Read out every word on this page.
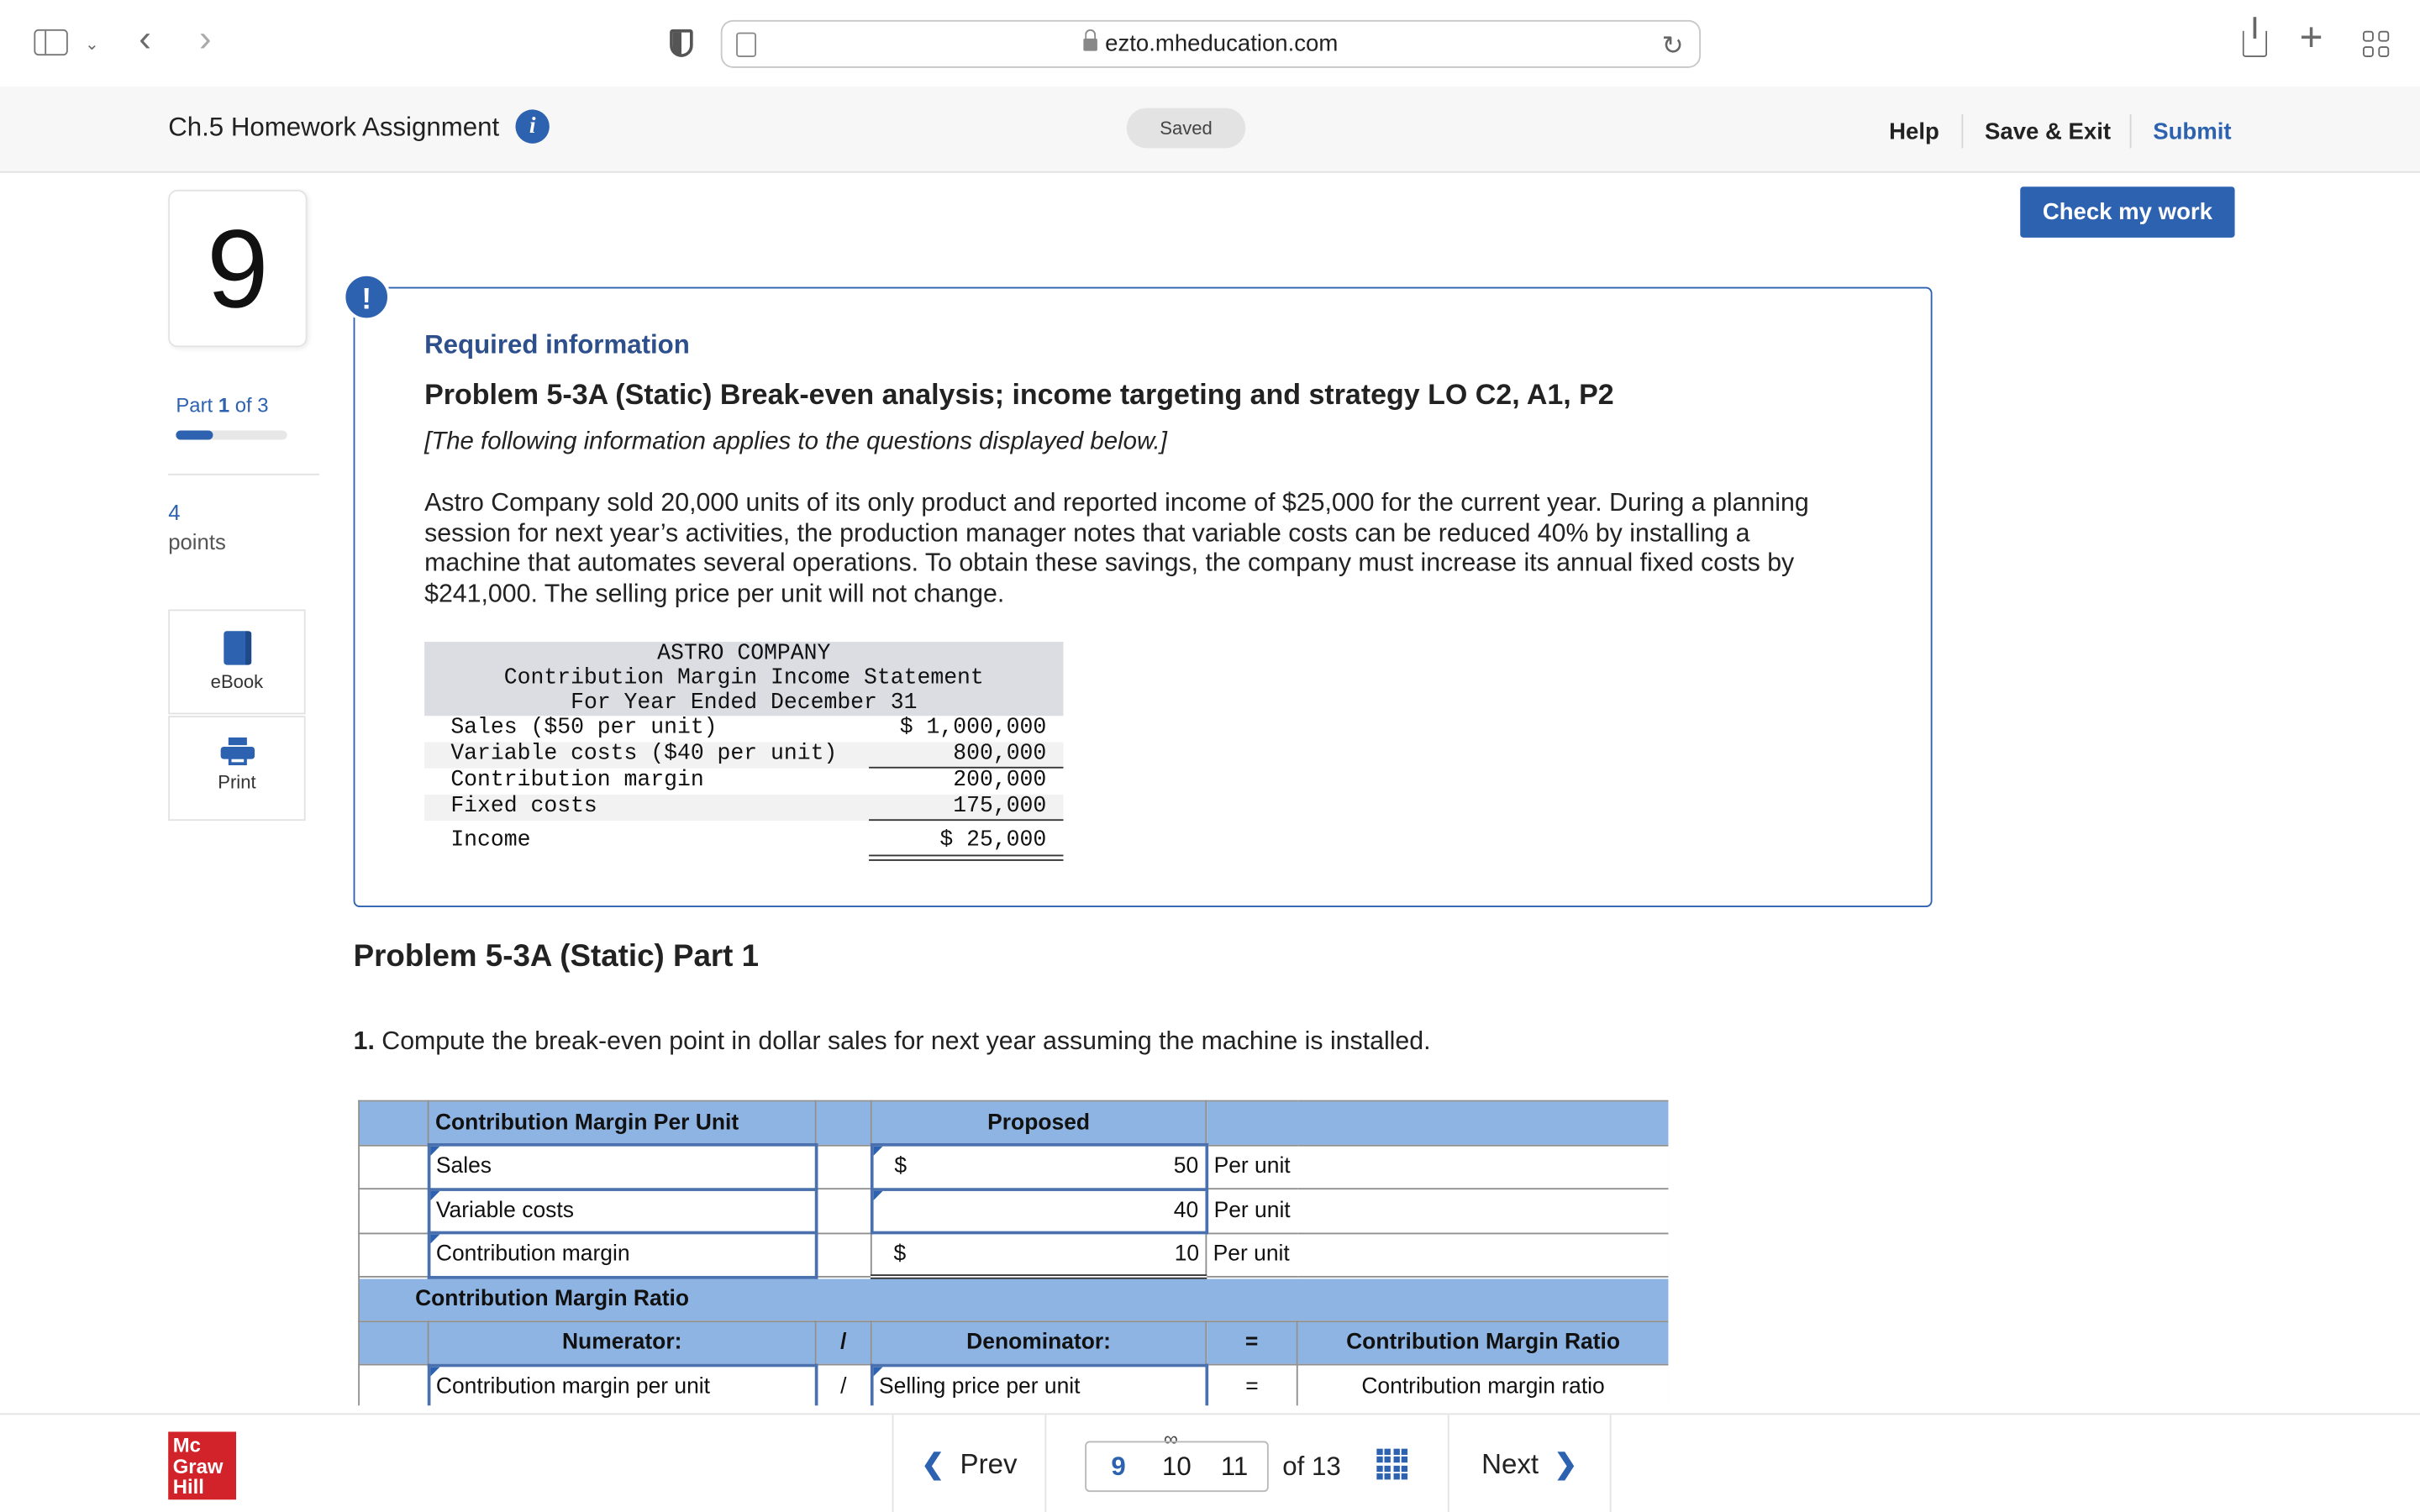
⌄ ‹ ›	ezto.mheducation.com	↻	+
Ch.5 Homework Assignment	i	Saved	Help	Save & Exit	Submit
Check my work
9
Part 1 of 3
4
points
eBook
Print
!
Required information
Problem 5-3A (Static) Break-even analysis; income targeting and strategy LO C2, A1, P2
[The following information applies to the questions displayed below.]
Astro Company sold 20,000 units of its only product and reported income of $25,000 for the current year. During a planning session for next year’s activities, the production manager notes that variable costs can be reduced 40% by installing a machine that automates several operations. To obtain these savings, the company must increase its annual fixed costs by $241,000. The selling price per unit will not change.
ASTRO COMPANY
Contribution Margin Income Statement
For Year Ended December 31
Sales ($50 per unit)	$ 1,000,000
Variable costs ($40 per unit)	800,000
Contribution margin	200,000
Fixed costs	175,000
Income	$ 25,000
Problem 5-3A (Static) Part 1
1. Compute the break-even point in dollar sales for next year assuming the machine is installed.
	Contribution Margin Per Unit		Proposed		
	Sales		$ 50	Per unit	
	Variable costs		40	Per unit	
	Contribution margin		$ 10	Per unit	
Contribution Margin Ratio					
	Numerator:	/	Denominator:	=	Contribution Margin Ratio
	Contribution margin per unit	/	Selling price per unit	=	Contribution margin ratio

Mc
Graw
Hill
❮ Prev
∞
9	10 11 of 13	Next ❯
